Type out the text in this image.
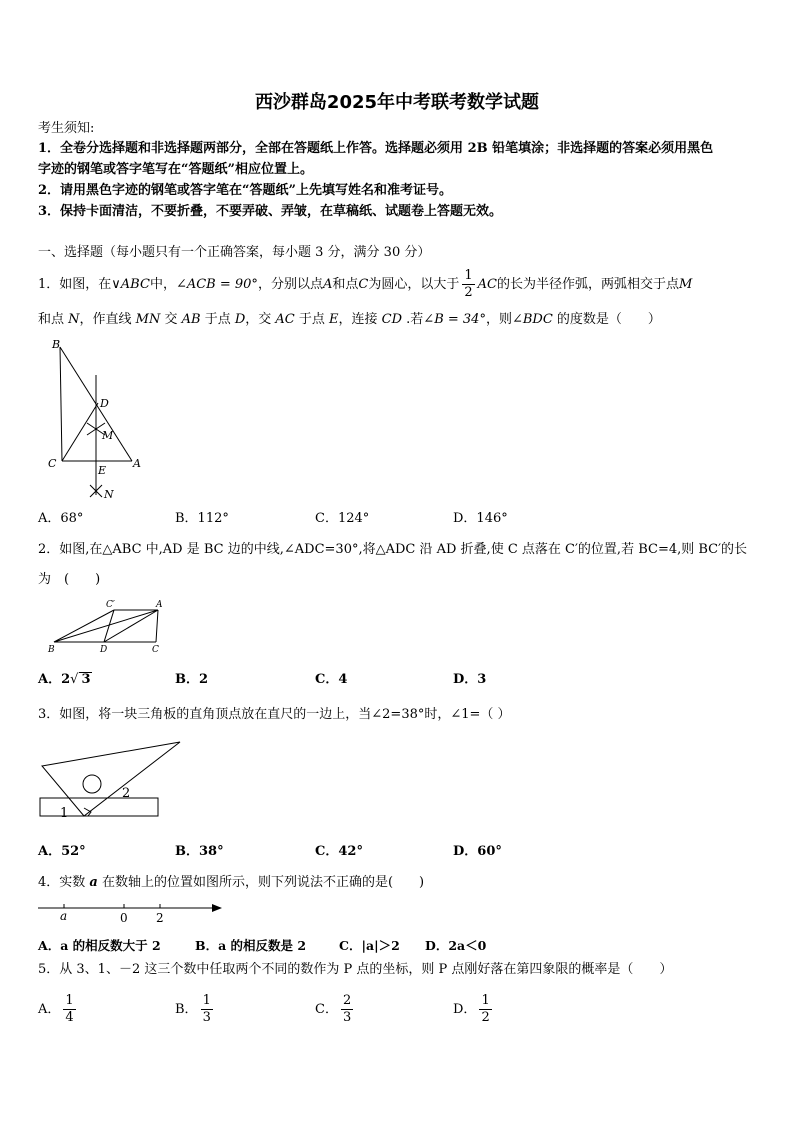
西沙群岛2025年中考联考数学试题
考生须知:
1．全卷分选择题和非选择题两部分，全部在答题纸上作答。选择题必须用 2B 铅笔填涂；非选择题的答案必须用黑色
字迹的钢笔或答字笔写在“答题纸”相应位置上。
2．请用黑色字迹的钢笔或答字笔在“答题纸”上先填写姓名和准考证号。
3．保持卡面清洁，不要折叠，不要弄破、弄皱，在草稿纸、试题卷上答题无效。
一、选择题（每小题只有一个正确答案，每小题 3 分，满分 30 分）
1．如图，在 ∨ABC 中， ∠ACB = 90° ，分别以点 A 和点 C 为圆心，以大于 $\frac{1}{2}$ AC 的长为半径作弧，两弧相交于点 M
和点 N，作直线 MN 交 AB 于点 D，交 AC 于点 E，连接 CD .若∠B = 34°，则∠BDC 的度数是（　　）
B
D
M
C
E
A
N
A．68°	B．112°	C．124°	D．146°
2．如图,在△ABC 中,AD 是 BC 边的中线,∠ADC=30°,将△ADC 沿 AD 折叠,使 C 点落在 C′的位置,若 BC=4,则 BC′的长
为　(　　)
C′	A
B	D	C
A．2√ 3	B．2	C．4	D．3
3．如图，将一块三角板的直角顶点放在直尺的一边上，当∠2=38°时，∠1=（ ）
1
2
A．52°	B．38°	C．42°	D．60°
4．实数 a 在数轴上的位置如图所示，则下列说法不正确的是(　　)
a	0 2
A．a 的相反数大于 2	B．a 的相反数是 2	C．|a|＞2 D．2a＜0
5．从 3、1、－2 这三个数中任取两个不同的数作为 P 点的坐标，则 P 点刚好落在第四象限的概率是（　　）
A． $\frac{1}{4}$	B． $\frac{1}{3}$	C． $\frac{2}{3}$	D． $\frac{1}{2}$
